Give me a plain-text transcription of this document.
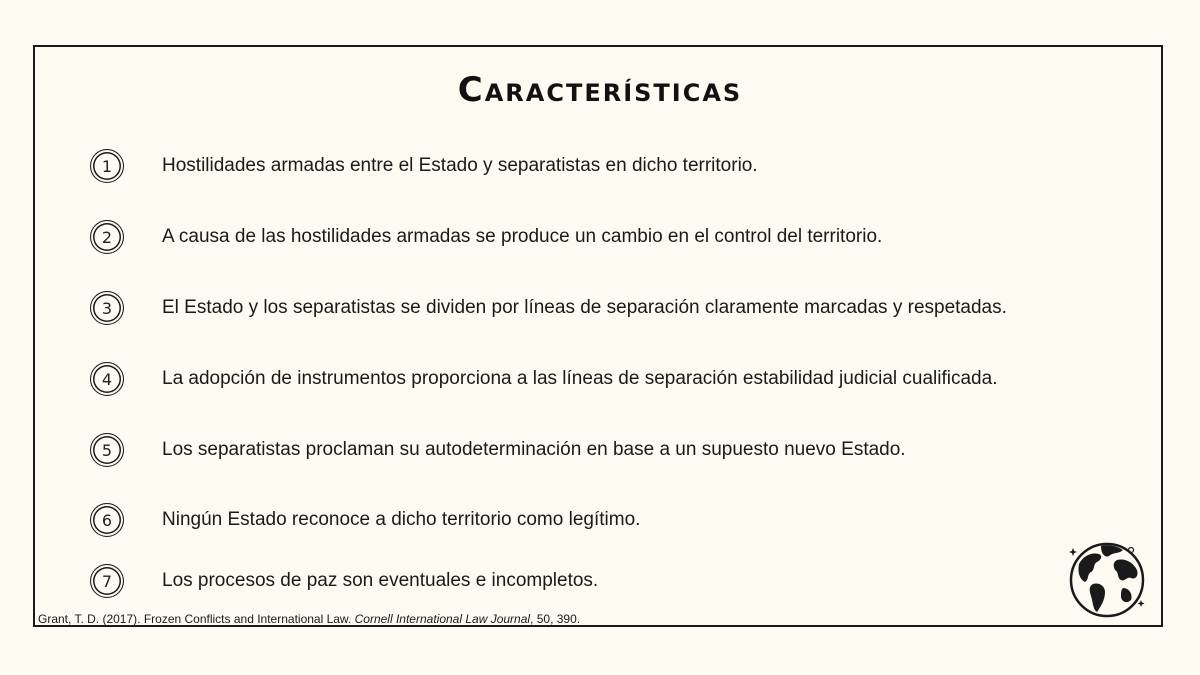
Características
1	Hostilidades armadas entre el Estado y separatistas en dicho territorio.
2	A causa de las hostilidades armadas se produce un cambio en el control del territorio.
3	El Estado y los separatistas se dividen por líneas de separación claramente marcadas y respetadas.
4	La adopción de instrumentos proporciona a las líneas de separación estabilidad judicial cualificada.
5	Los separatistas proclaman su autodeterminación en base a un supuesto nuevo Estado.
6	Ningún Estado reconoce a dicho territorio como legítimo.
7	Los procesos de paz son eventuales e incompletos.
Grant, T. D. (2017). Frozen Conflicts and International Law. Cornell International Law Journal, 50, 390.
